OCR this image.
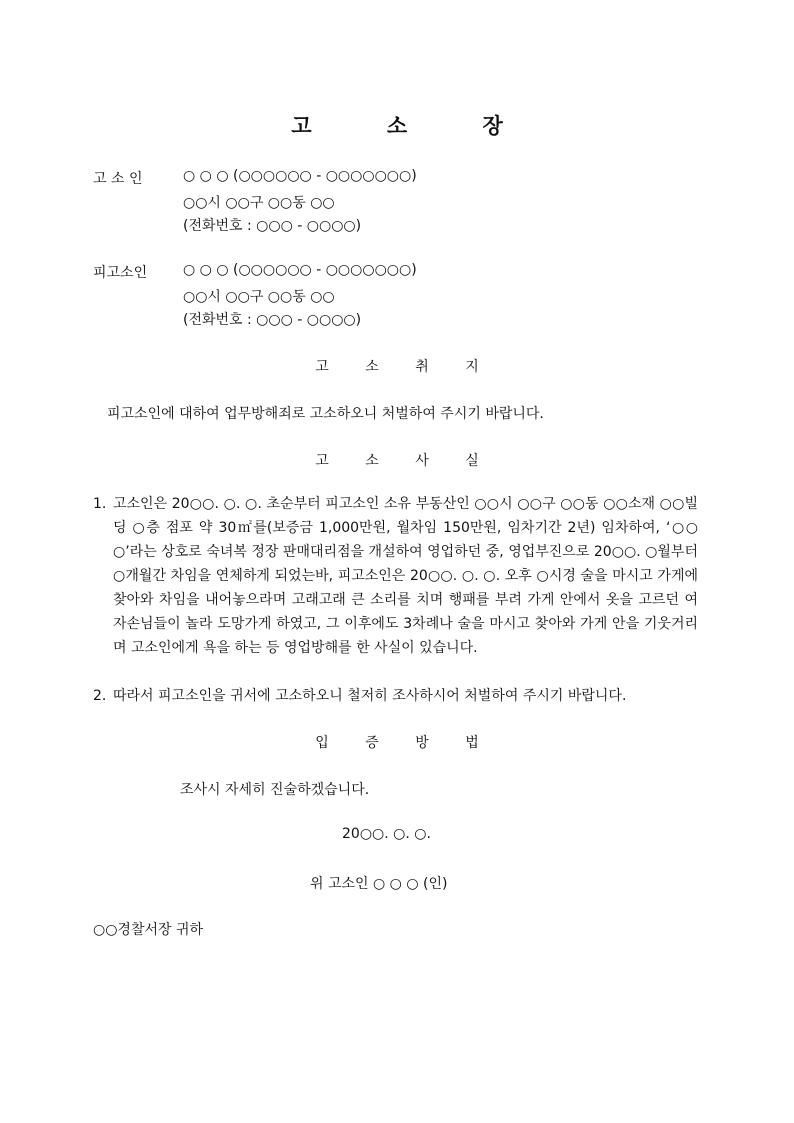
고 소 장
고 소 인	○ ○ ○ (○○○○○○ - ○○○○○○○)
○○시 ○○구 ○○동 ○○
(전화번호 : ○○○ - ○○○○)
피고소인	○ ○ ○ (○○○○○○ - ○○○○○○○)
○○시 ○○구 ○○동 ○○
(전화번호 : ○○○ - ○○○○)
고 소 취 지
피고소인에 대하여 업무방해죄로 고소하오니 처벌하여 주시기 바랍니다.
고 소 사 실
1. 고소인은 20○○. ○. ○. 초순부터 피고소인 소유 부동산인 ○○시 ○○구 ○○동 ○○소재 ○○빌딩 ○층 점포 약 30㎡를(보증금 1,000만원, 월차임 150만원, 임차기간 2년) 임차하여, ‘○○○’라는 상호로 숙녀복 정장 판매대리점을 개설하여 영업하던 중, 영업부진으로 20○○. ○월부터 ○개월간 차임을 연체하게 되었는바, 피고소인은 20○○. ○. ○. 오후 ○시경 술을 마시고 가게에 찾아와 차임을 내어놓으라며 고래고래 큰 소리를 치며 행패를 부려 가게 안에서 옷을 고르던 여자손님들이 놀라 도망가게 하였고, 그 이후에도 3차례나 술을 마시고 찾아와 가게 안을 기웃거리며 고소인에게 욕을 하는 등 영업방해를 한 사실이 있습니다.
2. 따라서 피고소인을 귀서에 고소하오니 철저히 조사하시어 처벌하여 주시기 바랍니다.
입 증 방 법
조사시 자세히 진술하겠습니다.
20○○. ○. ○.
위 고소인 ○ ○ ○ (인)
○○경찰서장 귀하
